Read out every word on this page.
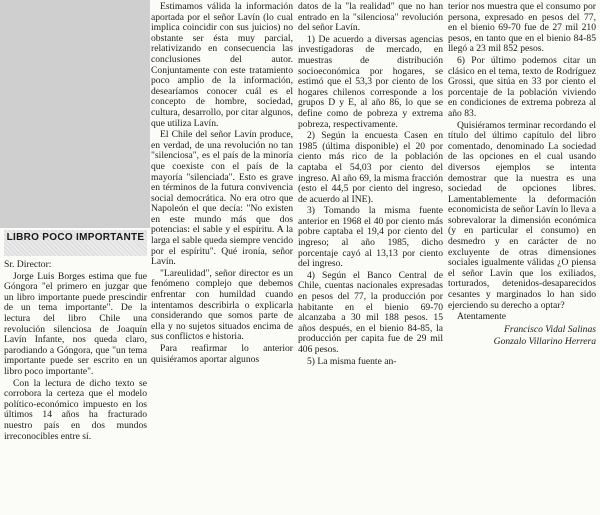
LIBRO POCO IMPORTANTE

Sr. Director:

Jorge Luis Borges estima que fue Góngora "el primero en juzgar que un libro importante puede prescindir de un tema importante". De la lectura del libro Chile una revolución silenciosa de Joaquín Lavín Infante, nos queda claro, parodiando a Góngora, que "un tema importante puede ser escrito en un libro poco importante".

Con la lectura de dicho texto se corrobora la certeza que el modelo político-económico impuesto en los últimos 14 años ha fracturado nuestro país en dos mundos irreconocibles entre sí.

Estimamos válida la información aportada por el señor Lavín (lo cual implica coincidir con sus juicios) no obstante ser ésta muy parcial, relativizando en consecuencia las conclusiones del autor. Conjuntamente con este tratamiento poco amplio de la información, desearíamos conocer cuál es el concepto de hombre, sociedad, cultura, desarrollo, por citar algunos, que utiliza Lavín.

El Chile del señor Lavín produce, en verdad, de una revolución no tan "silenciosa", es el país de la minoría que coexiste con el país de la mayoría "silenciada". Esto es grave en términos de la futura convivencia social democrática. No era otro que Napoleón el que decía: "No existen en este mundo más que dos potencias: el sable y el espíritu. A la larga el sable queda siempre vencido por el espíritu". Qué ironía, señor Lavín.

"Lareulidad", señor director es un fenómeno complejo que debemos enfrentar con humildad cuando intentamos describirla o explicarla considerando que somos parte de ella y no sujetos situados encima de sus conflictos e historia.

Para reafirmar lo anterior quisiéramos aportar algunos

datos de la "la realidad" que no han entrado en la "silenciosa" revolución del señor Lavín.

1) De acuerdo a diversas agencias investigadoras de mercado, en muestras de distribución socioeconómica por hogares, se estimó que el 53,3 por ciento de los hogares chilenos corresponde a los grupos D y E, al año 86, lo que se define como de pobreza y extrema pobreza, respectivamente.

2) Según la encuesta Casen en 1985 (última disponible) el 20 por ciento más rico de la población captaba el 54,03 por ciento del ingreso. Al año 69, la misma fracción (esto el 44,5 por ciento del ingreso, de acuerdo al INE).

3) Tomando la misma fuente anterior en 1968 el 40 por ciento más pobre captaba el 19,4 por ciento del ingreso; al año 1985, dicho porcentaje cayó al 13,13 por ciento del ingreso.

4) Según el Banco Central de Chile, cuentas nacionales expresadas en pesos del 77, la producción por habitante en el bienio 69-70 alcanzaba a 30 mil 188 pesos. 15 años después, en el bienio 84-85, la producción per capita fue de 29 mil 406 pesos.

5) La misma fuente an-

terior nos muestra que el consumo por persona, expresado en pesos del 77, en el bienio 69-70 fue de 27 mil 210 pesos, en tanto que en el bienio 84-85 llegó a 23 mil 852 pesos.

6) Por último podemos citar un clásico en el tema, texto de Rodríguez Grossi, que sitúa en 33 por ciento el porcentaje de la población viviendo en condiciones de extrema pobreza al año 83.

Quisiéramos terminar recordando el título del último capítulo del libro comentado, denominado La sociedad de las opciones en el cual usando diversos ejemplos se intenta demostrar que la nuestra es una sociedad de opciones libres. Lamentablemente la deformación economicista de señor Lavín lo lleva a sobrevalorar la dimensión económica (y en particular el consumo) en desmedro y en carácter de no excluyente de otras dimensiones sociales igualmente válidas ¿O piensa el señor Lavín que los exiliados, torturados, detenidos-desaparecidos cesantes y marginados lo han sido ejerciendo su derecho a optar?

Atentamente

Francisco Vidal Salinas

Gonzalo Villarino Herrera
